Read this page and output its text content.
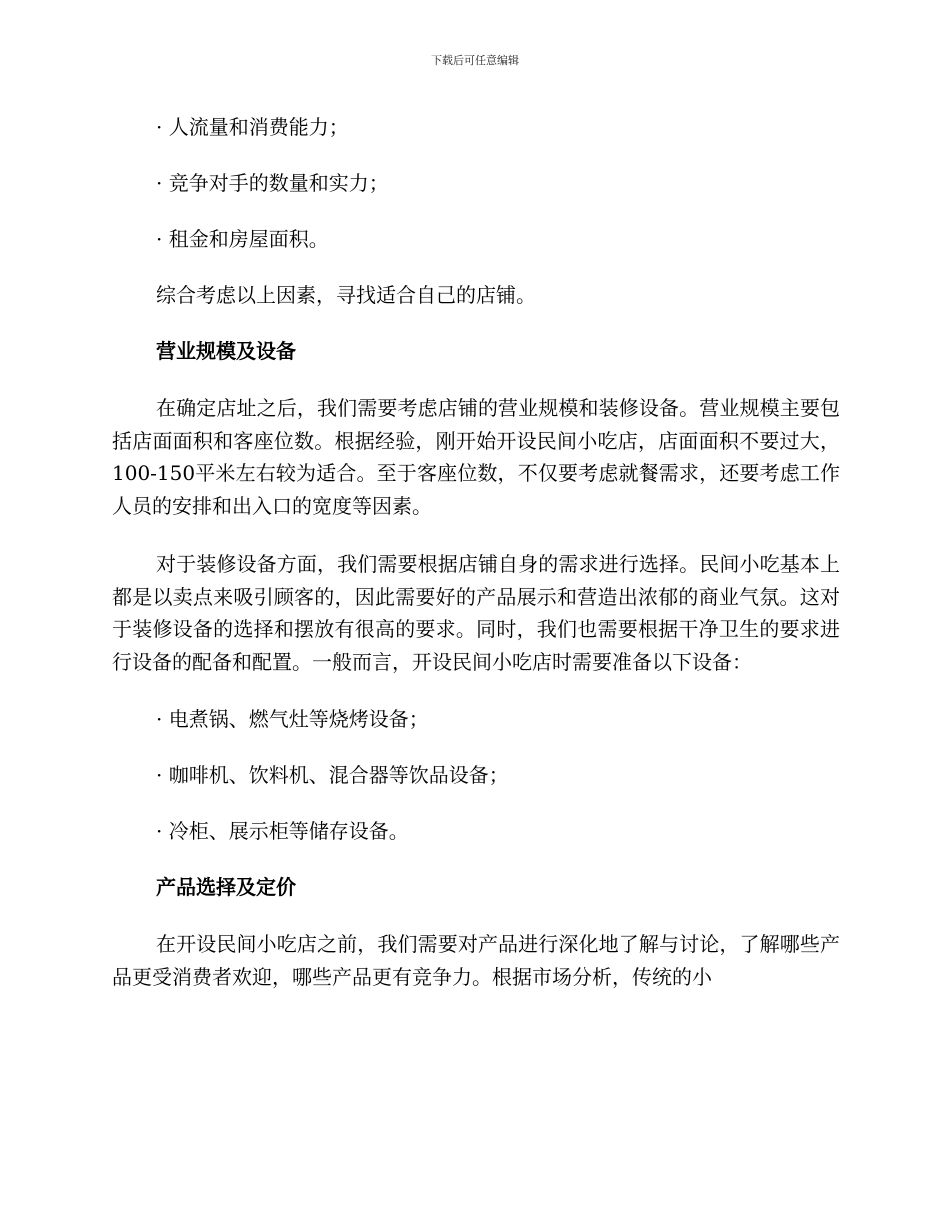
下载后可任意编辑
· 人流量和消费能力；
· 竞争对手的数量和实力；
· 租金和房屋面积。
综合考虑以上因素，寻找适合自己的店铺。
营业规模及设备
在确定店址之后，我们需要考虑店铺的营业规模和装修设备。营业规模主要包括店面面积和客座位数。根据经验，刚开始开设民间小吃店，店面面积不要过大，100-150平米左右较为适合。至于客座位数，不仅要考虑就餐需求，还要考虑工作人员的安排和出入口的宽度等因素。
对于装修设备方面，我们需要根据店铺自身的需求进行选择。民间小吃基本上都是以卖点来吸引顾客的，因此需要好的产品展示和营造出浓郁的商业气氛。这对于装修设备的选择和摆放有很高的要求。同时，我们也需要根据干净卫生的要求进行设备的配备和配置。一般而言，开设民间小吃店时需要准备以下设备：
· 电煮锅、燃气灶等烧烤设备；
· 咖啡机、饮料机、混合器等饮品设备；
· 冷柜、展示柜等储存设备。
产品选择及定价
在开设民间小吃店之前，我们需要对产品进行深化地了解与讨论，了解哪些产品更受消费者欢迎，哪些产品更有竞争力。根据市场分析，传统的小
